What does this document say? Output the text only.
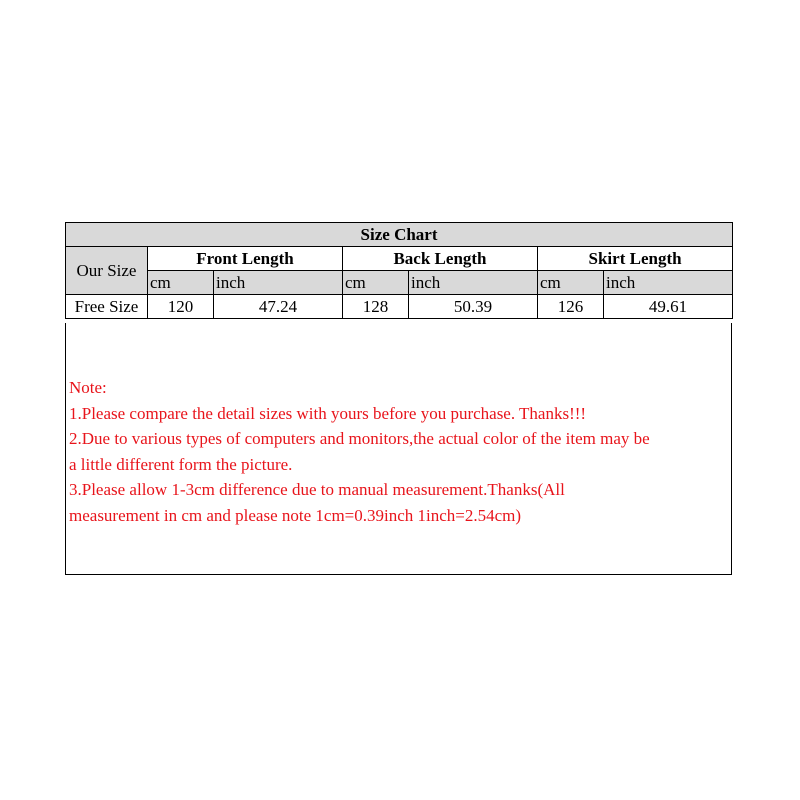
Size Chart						
Our Size	Front Length		Back Length		Skirt Length	
	cm	inch	cm	inch	cm	inch
Free Size	120	47.24	128	50.39	126	49.61
Note:
1.Please compare the detail sizes with yours before you purchase. Thanks!!!
2.Due to various types of computers and monitors,the actual color of the item may be
a little different form the picture.
3.Please allow 1-3cm difference due to manual measurement.Thanks(All
measurement in cm and please note 1cm=0.39inch 1inch=2.54cm)
